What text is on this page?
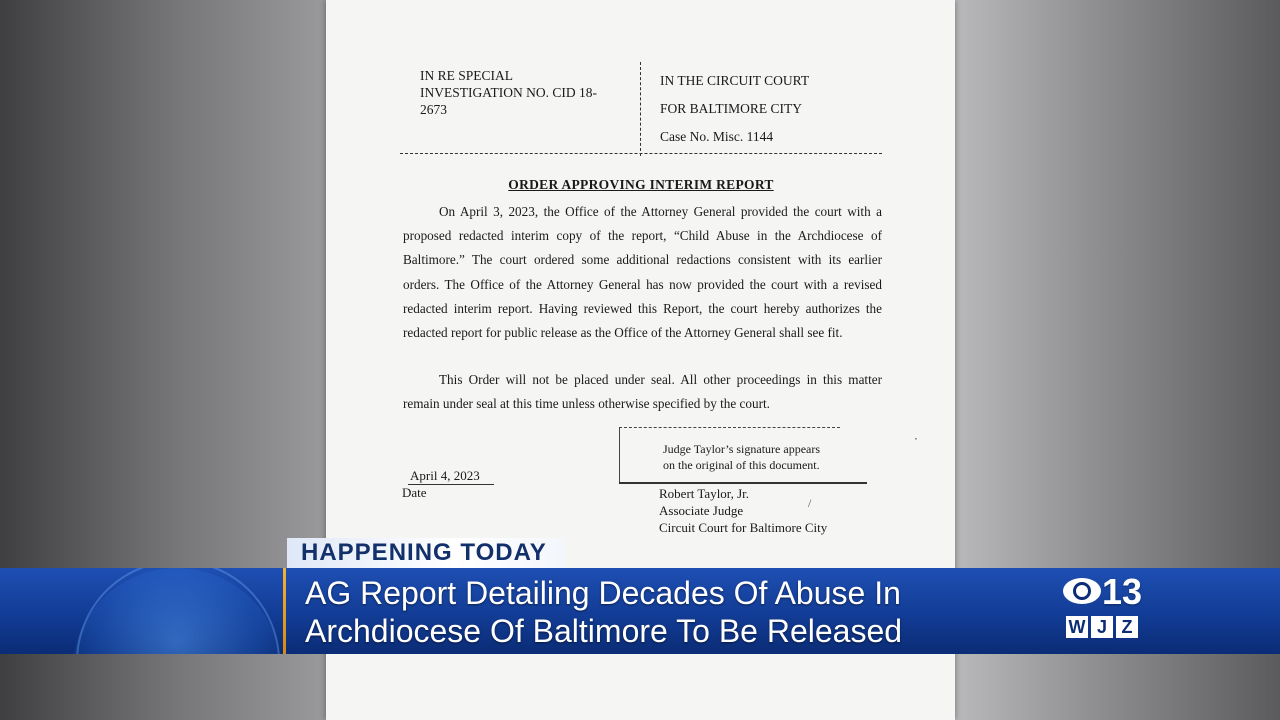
IN RE SPECIAL
INVESTIGATION NO. CID 18-
2673
IN THE CIRCUIT COURT
FOR BALTIMORE CITY
Case No. Misc. 1144
ORDER APPROVING INTERIM REPORT

On April 3, 2023, the Office of the Attorney General provided the court with a proposed redacted interim copy of the report, “Child Abuse in the Archdiocese of Baltimore.” The court ordered some additional redactions consistent with its earlier orders. The Office of the Attorney General has now provided the court with a revised redacted interim report. Having reviewed this Report, the court hereby authorizes the redacted report for public release as the Office of the Attorney General shall see fit.

This Order will not be placed under seal. All other proceedings in this matter remain under seal at this time unless otherwise specified by the court.

Judge Taylor’s signature appears
on the original of this document.
⋅
/
April 4, 2023
Date	Robert Taylor, Jr.
Associate Judge
Circuit Court for Baltimore City
HAPPENING TODAY
AG Report Detailing Decades Of Abuse In
Archdiocese Of Baltimore To Be Released
13
W J Z
